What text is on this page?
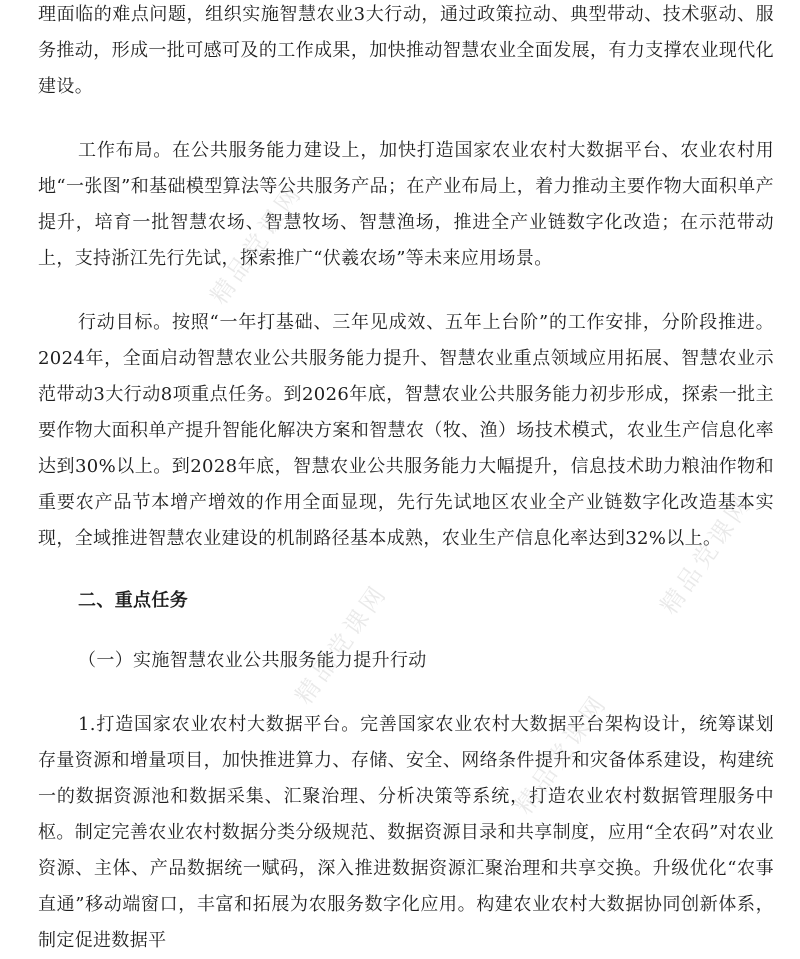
理面临的难点问题，组织实施智慧农业3大行动，通过政策拉动、典型带动、技术驱动、服务推动，形成一批可感可及的工作成果，加快推动智慧农业全面发展，有力支撑农业现代化建设。

工作布局。在公共服务能力建设上，加快打造国家农业农村大数据平台、农业农村用地“一张图”和基础模型算法等公共服务产品；在产业布局上，着力推动主要作物大面积单产提升，培育一批智慧农场、智慧牧场、智慧渔场，推进全产业链数字化改造；在示范带动上，支持浙江先行先试，探索推广“伏羲农场”等未来应用场景。

行动目标。按照“一年打基础、三年见成效、五年上台阶”的工作安排，分阶段推进。2024年，全面启动智慧农业公共服务能力提升、智慧农业重点领域应用拓展、智慧农业示范带动3大行动8项重点任务。到2026年底，智慧农业公共服务能力初步形成，探索一批主要作物大面积单产提升智能化解决方案和智慧农（牧、渔）场技术模式，农业生产信息化率达到30%以上。到2028年底，智慧农业公共服务能力大幅提升，信息技术助力粮油作物和重要农产品节本增产增效的作用全面显现，先行先试地区农业全产业链数字化改造基本实现，全域推进智慧农业建设的机制路径基本成熟，农业生产信息化率达到32%以上。

二、重点任务

（一）实施智慧农业公共服务能力提升行动

1.打造国家农业农村大数据平台。完善国家农业农村大数据平台架构设计，统筹谋划存量资源和增量项目，加快推进算力、存储、安全、网络条件提升和灾备体系建设，构建统一的数据资源池和数据采集、汇聚治理、分析决策等系统，打造农业农村数据管理服务中枢。制定完善农业农村数据分类分级规范、数据资源目录和共享制度，应用“全农码”对农业资源、主体、产品数据统一赋码，深入推进数据资源汇聚治理和共享交换。升级优化“农事直通”移动端窗口，丰富和拓展为农服务数字化应用。构建农业农村大数据协同创新体系，制定促进数据平

精品党课网
精品党课网
精品党课网
精品党课网
